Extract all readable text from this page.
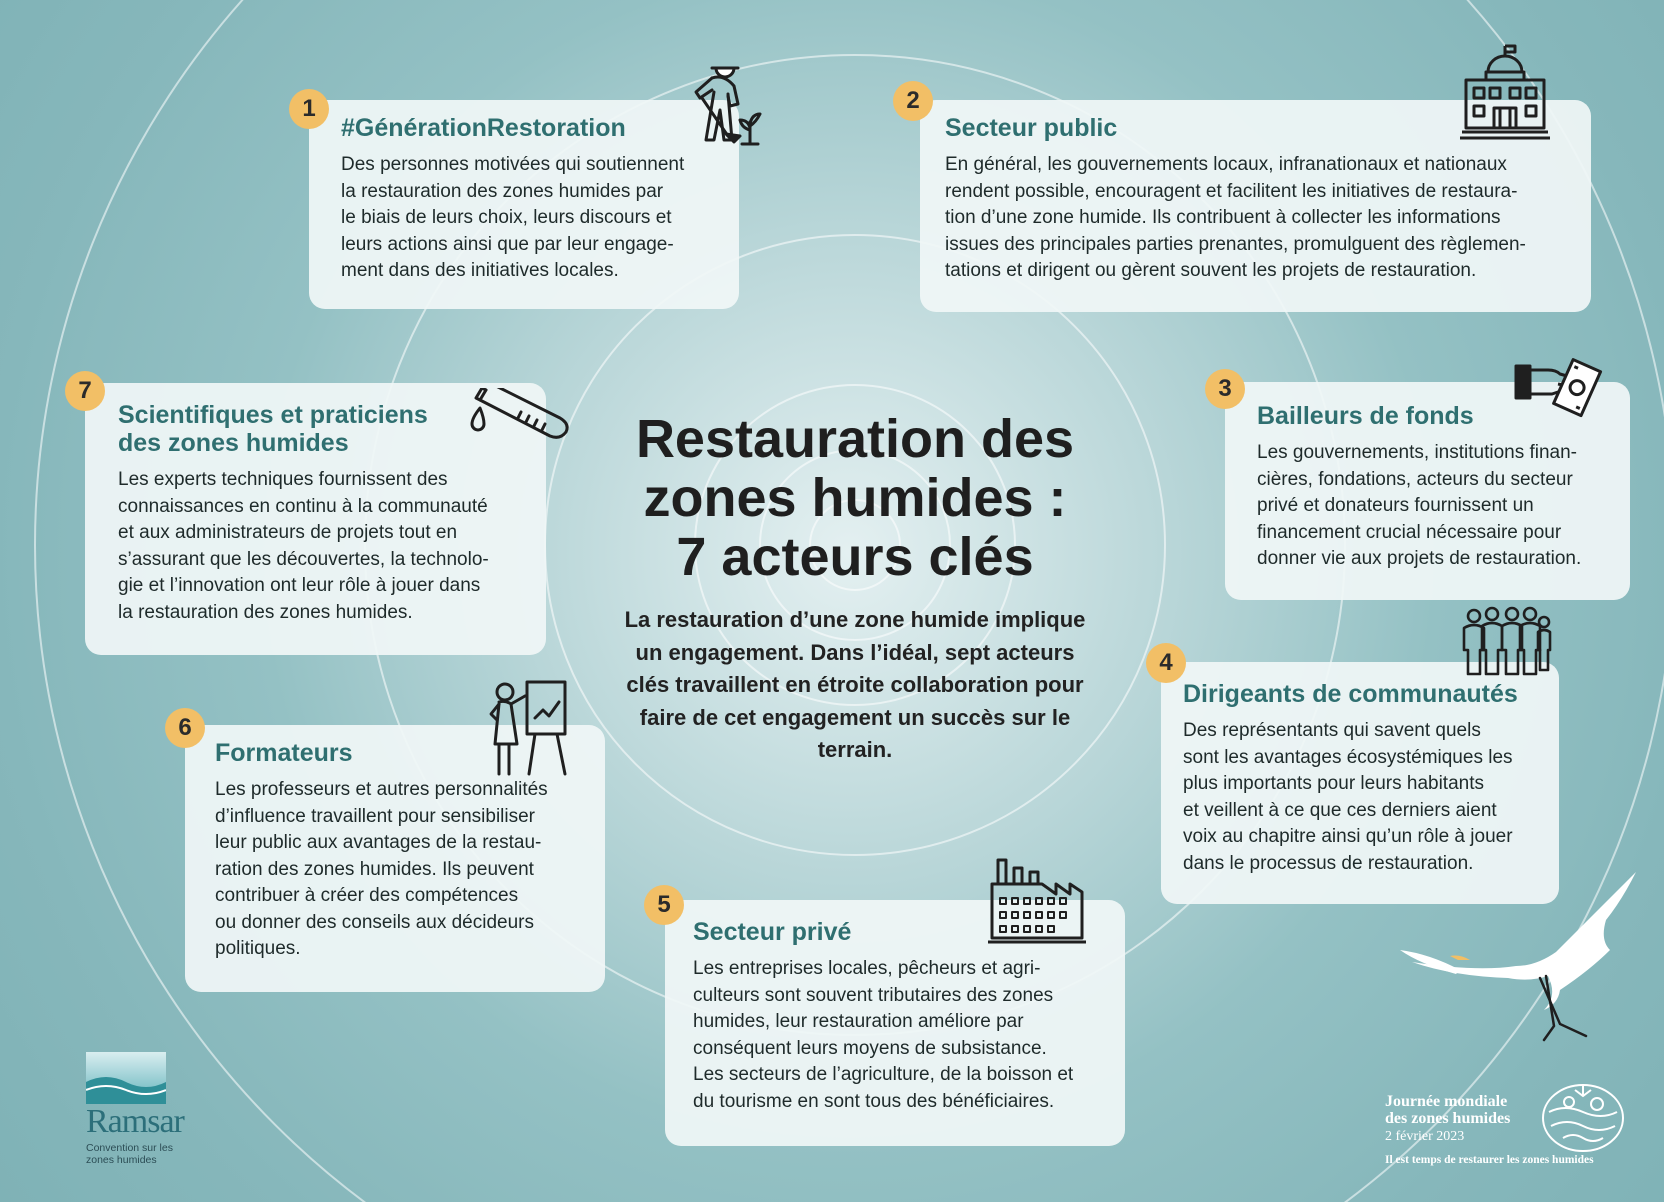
#GénérationRestoration
Des personnes motivées qui soutiennent
la restauration des zones humides par
le biais de leurs choix, leurs discours et
leurs actions ainsi que par leur engage-
ment dans des initiatives locales.
1
Secteur public
En général, les gouvernements locaux, infranationaux et nationaux
rendent possible, encouragent et facilitent les initiatives de restaura-
tion d’une zone humide. Ils contribuent à collecter les informations
issues des principales parties prenantes, promulguent des règlemen-
tations et dirigent ou gèrent souvent les projets de restauration.
2
Bailleurs de fonds
Les gouvernements, institutions finan-
cières, fondations, acteurs du secteur
privé et donateurs fournissent un
financement crucial nécessaire pour
donner vie aux projets de restauration.
3
Dirigeants de communautés
Des représentants qui savent quels
sont les avantages écosystémiques les
plus importants pour leurs habitants
et veillent à ce que ces derniers aient
voix au chapitre ainsi qu’un rôle à jouer
dans le processus de restauration.
4
Secteur privé
Les entreprises locales, pêcheurs et agri-
culteurs sont souvent tributaires des zones
humides, leur restauration améliore par
conséquent leurs moyens de subsistance.
Les secteurs de l’agriculture, de la boisson et
du tourisme en sont tous des bénéficiaires.
5
Formateurs
Les professeurs et autres personnalités
d’influence travaillent pour sensibiliser
leur public aux avantages de la restau-
ration des zones humides. Ils peuvent
contribuer à créer des compétences
ou donner des conseils aux décideurs
politiques.
6
Scientifiques et praticiens
des zones humides
Les experts techniques fournissent des
connaissances en continu à la communauté
et aux administrateurs de projets tout en
s’assurant que les découvertes, la technolo-
gie et l’innovation ont leur rôle à jouer dans
la restauration des zones humides.
7
Restauration des
zones humides :
7 acteurs clés
La restauration d’une zone humide implique un engagement. Dans l’idéal, sept acteurs clés travaillent en étroite collaboration pour faire de cet engagement un succès sur le terrain.
Ramsar
Convention sur les zones humides
Journée mondiale
des zones humides
2 février 2023
Il est temps de restaurer les zones humides
